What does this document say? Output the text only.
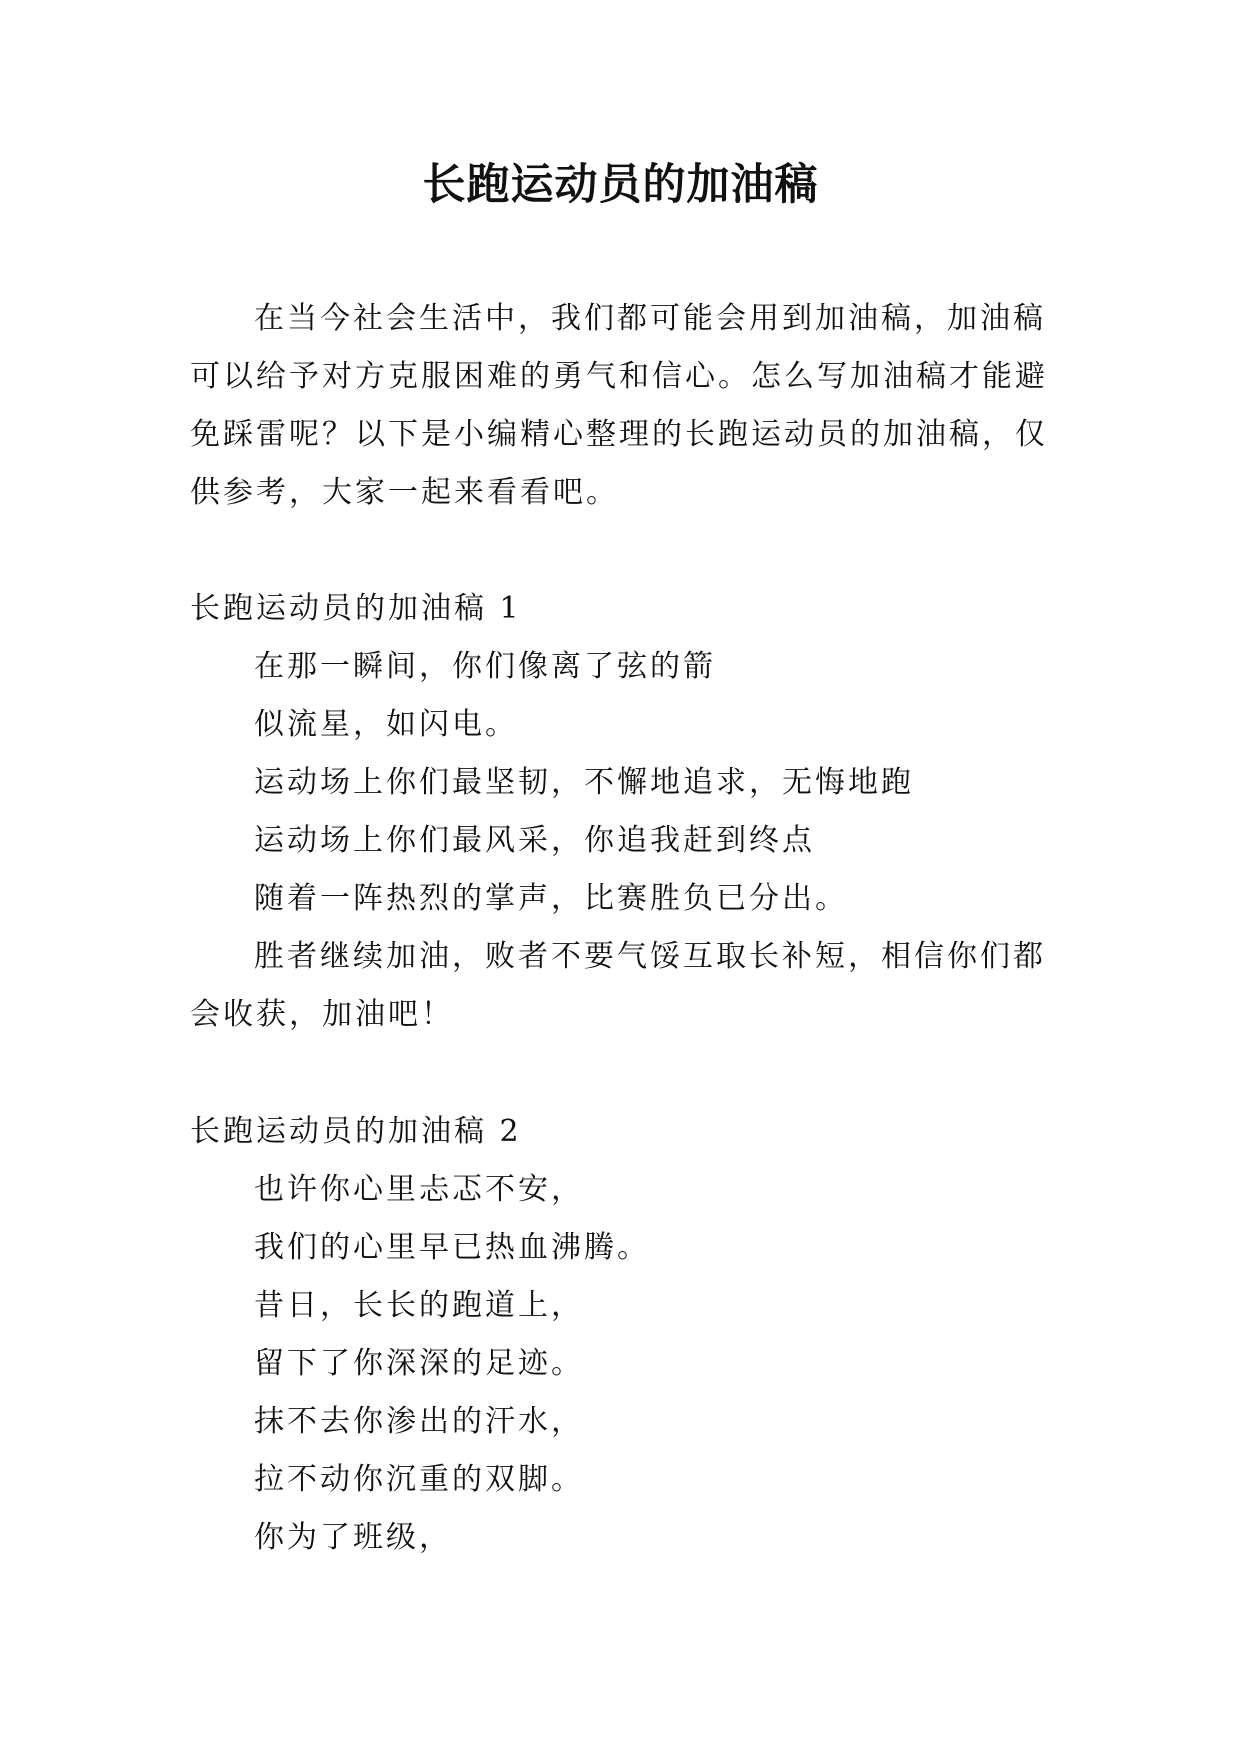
长跑运动员的加油稿

在当今社会生活中，我们都可能会用到加油稿，加油稿可以给予对方克服困难的勇气和信心。怎么写加油稿才能避免踩雷呢？以下是小编精心整理的长跑运动员的加油稿，仅供参考，大家一起来看看吧。

长跑运动员的加油稿 1

在那一瞬间，你们像离了弦的箭

似流星，如闪电。

运动场上你们最坚韧，不懈地追求，无悔地跑

运动场上你们最风采，你追我赶到终点

随着一阵热烈的掌声，比赛胜负已分出。

胜者继续加油，败者不要气馁互取长补短，相信你们都会收获，加油吧！

长跑运动员的加油稿 2

也许你心里忐忑不安，

我们的心里早已热血沸腾。

昔日，长长的跑道上，

留下了你深深的足迹。

抹不去你渗出的汗水，

拉不动你沉重的双脚。

你为了班级，
